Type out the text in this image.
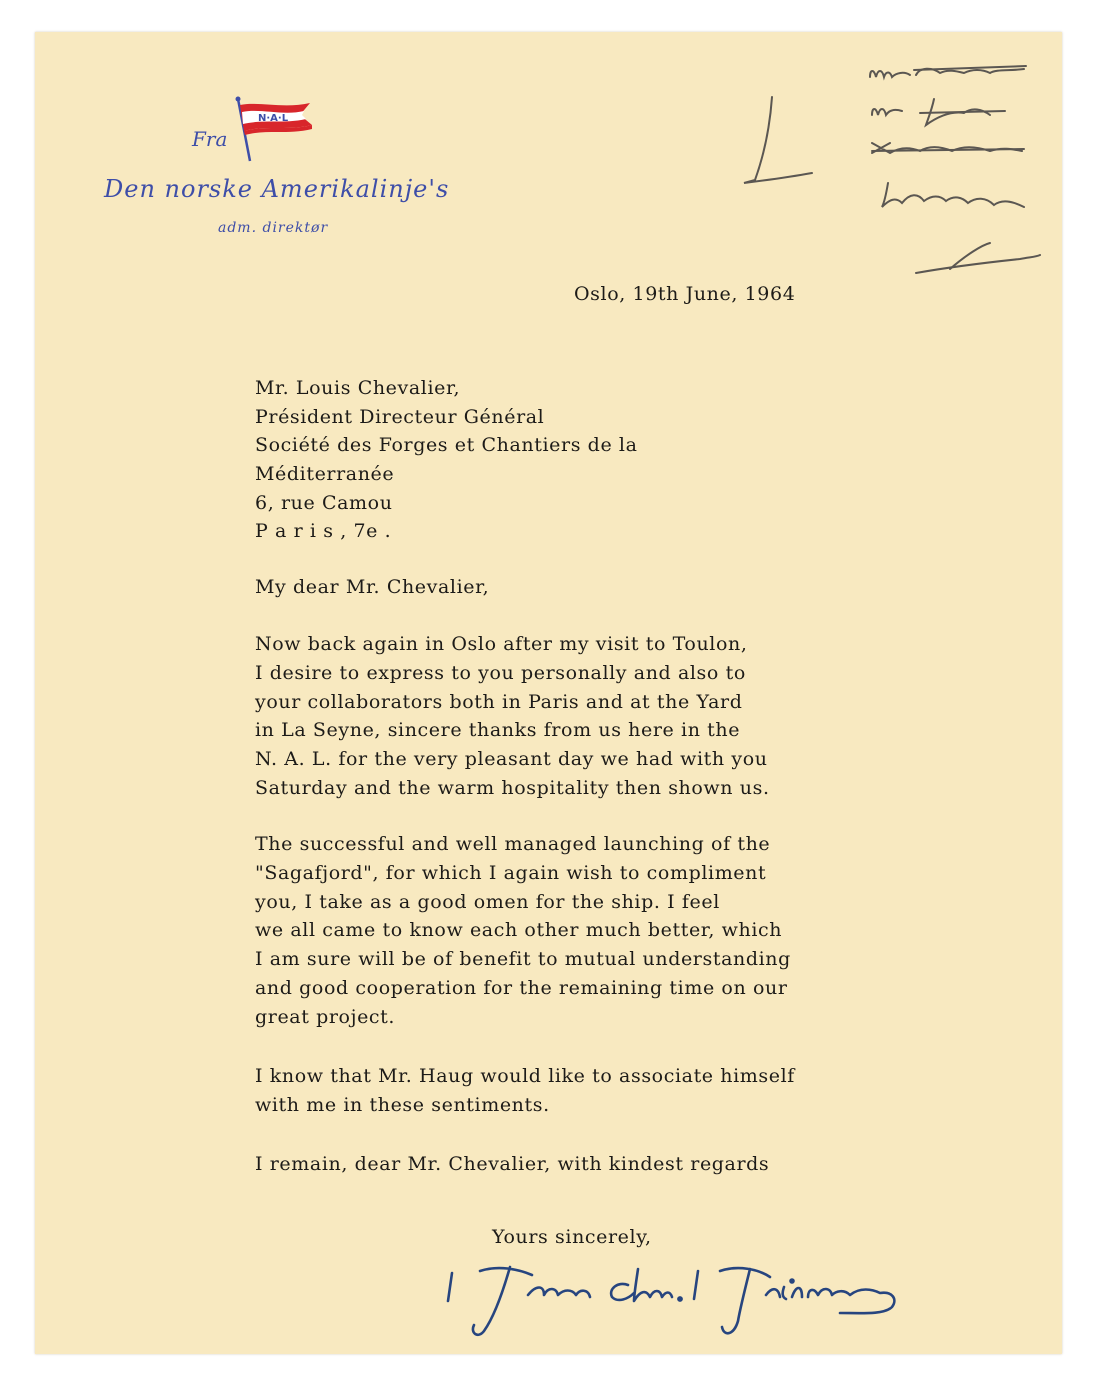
N·A·L
Fra
Den norske Amerikalinje's
adm. direktør
Oslo, 19th June, 1964
Mr. Louis Chevalier,
Président Directeur Général
Société des Forges et Chantiers de la
Méditerranée
6, rue Camou
P a r i s , 7e .
My dear Mr. Chevalier,
Now back again in Oslo after my visit to Toulon,
I desire to express to you personally and also to
your collaborators both in Paris and at the Yard
in La Seyne, sincere thanks from us here in the
N. A. L. for the very pleasant day we had with you
Saturday and the warm hospitality then shown us.
The successful and well managed launching of the
"Sagafjord", for which I again wish to compliment
you, I take as a good omen for the ship. I feel
we all came to know each other much better, which
I am sure will be of benefit to mutual understanding
and good cooperation for the remaining time on our
great project.
I know that Mr. Haug would like to associate himself
with me in these sentiments.
I remain, dear Mr. Chevalier, with kindest regards
Yours sincerely,
